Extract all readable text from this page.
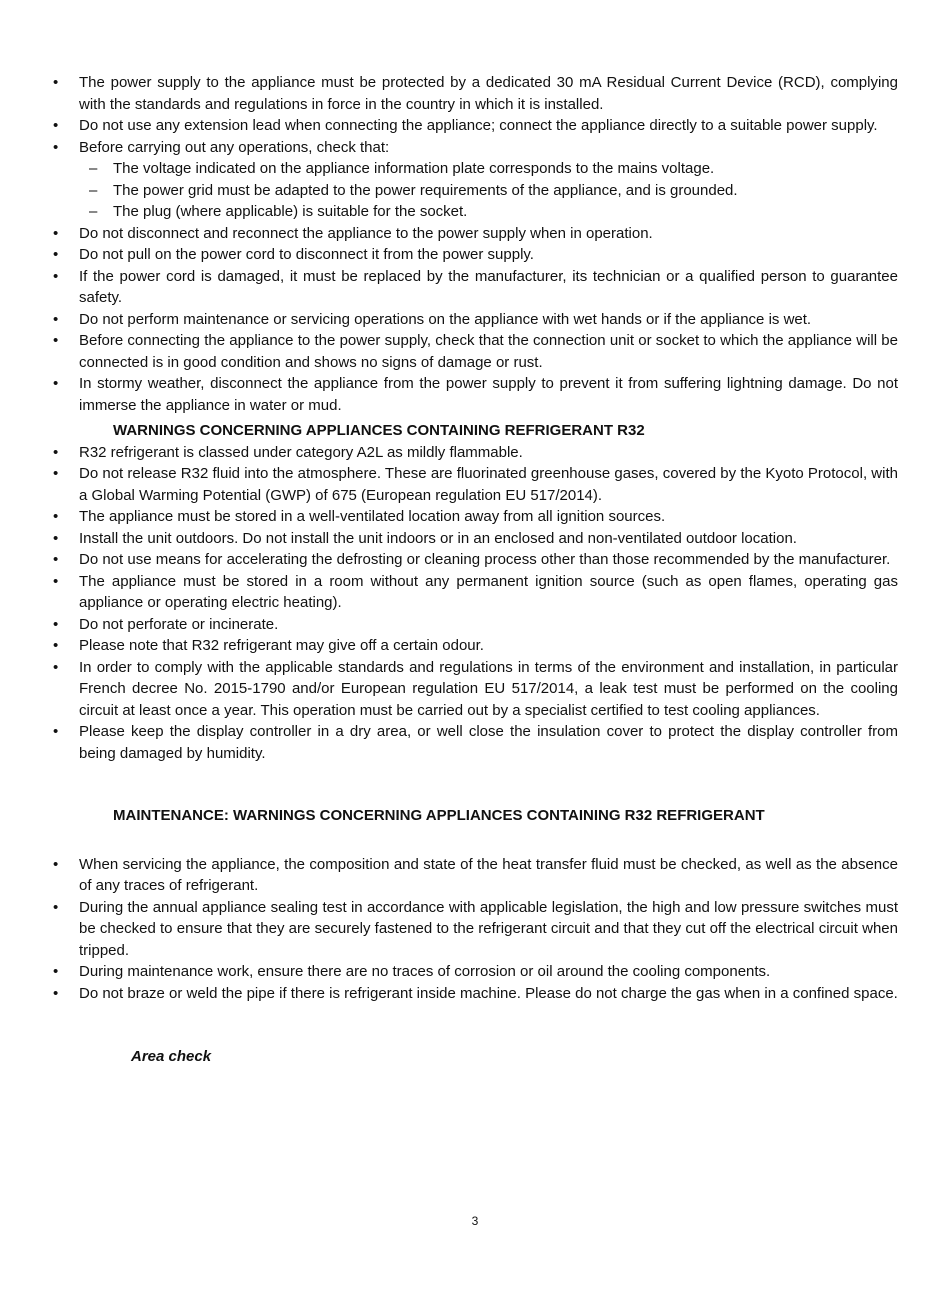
• The power supply to the appliance must be protected by a dedicated 30 mA Residual Current Device (RCD), complying with the standards and regulations in force in the country in which it is installed.
• Do not use any extension lead when connecting the appliance; connect the appliance directly to a suitable power supply.
• Before carrying out any operations, check that:
– The voltage indicated on the appliance information plate corresponds to the mains voltage.
– The power grid must be adapted to the power requirements of the appliance, and is grounded.
– The plug (where applicable) is suitable for the socket.
• Do not disconnect and reconnect the appliance to the power supply when in operation.
• Do not pull on the power cord to disconnect it from the power supply.
• If the power cord is damaged, it must be replaced by the manufacturer, its technician or a qualified person to guarantee safety.
• Do not perform maintenance or servicing operations on the appliance with wet hands or if the appliance is wet.
• Before connecting the appliance to the power supply, check that the connection unit or socket to which the appliance will be connected is in good condition and shows no signs of damage or rust.
• In stormy weather, disconnect the appliance from the power supply to prevent it from suffering lightning damage. Do not immerse the appliance in water or mud.
WARNINGS CONCERNING APPLIANCES CONTAINING REFRIGERANT R32
• R32 refrigerant is classed under category A2L as mildly flammable.
• Do not release R32 fluid into the atmosphere. These are fluorinated greenhouse gases, covered by the Kyoto Protocol, with a Global Warming Potential (GWP) of 675 (European regulation EU 517/2014).
• The appliance must be stored in a well-ventilated location away from all ignition sources.
• Install the unit outdoors. Do not install the unit indoors or in an enclosed and non-ventilated outdoor location.
• Do not use means for accelerating the defrosting or cleaning process other than those recommended by the manufacturer.
• The appliance must be stored in a room without any permanent ignition source (such as open flames, operating gas appliance or operating electric heating).
• Do not perforate or incinerate.
• Please note that R32 refrigerant may give off a certain odour.
• In order to comply with the applicable standards and regulations in terms of the environment and installation, in particular French decree No. 2015-1790 and/or European regulation EU 517/2014, a leak test must be performed on the cooling circuit at least once a year. This operation must be carried out by a specialist certified to test cooling appliances.
• Please keep the display controller in a dry area, or well close the insulation cover to protect the display controller from being damaged by humidity.
MAINTENANCE: WARNINGS CONCERNING APPLIANCES CONTAINING R32 REFRIGERANT
• When servicing the appliance, the composition and state of the heat transfer fluid must be checked, as well as the absence of any traces of refrigerant.
• During the annual appliance sealing test in accordance with applicable legislation, the high and low pressure switches must be checked to ensure that they are securely fastened to the refrigerant circuit and that they cut off the electrical circuit when tripped.
• During maintenance work, ensure there are no traces of corrosion or oil around the cooling components.
• Do not braze or weld the pipe if there is refrigerant inside machine. Please do not charge the gas when in a confined space.
Area check
3
